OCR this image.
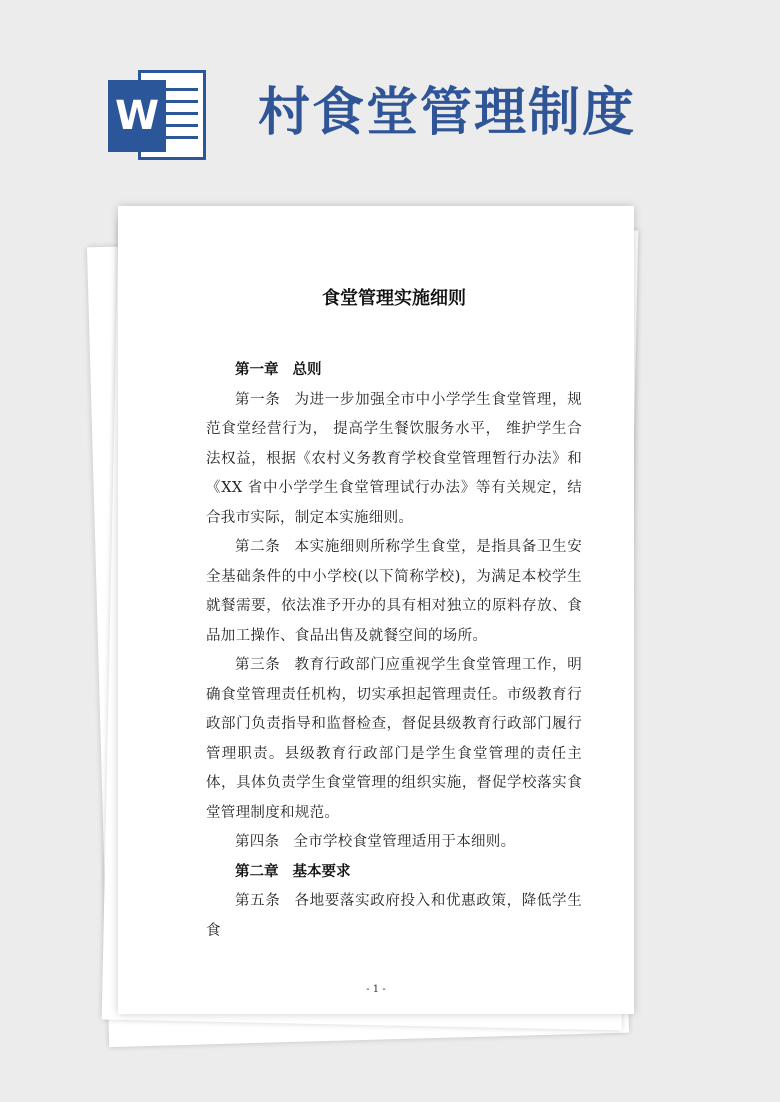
W 村食堂管理制度
食堂管理实施细则

第一章 总则

第一条 为进一步加强全市中小学学生食堂管理，规范食堂经营行为， 提高学生餐饮服务水平， 维护学生合法权益，根据《农村义务教育学校食堂管理暂行办法》和《XX 省中小学学生食堂管理试行办法》等有关规定，结合我市实际，制定本实施细则。

第二条 本实施细则所称学生食堂，是指具备卫生安全基础条件的中小学校(以下简称学校)，为满足本校学生就餐需要，依法准予开办的具有相对独立的原料存放、食品加工操作、食品出售及就餐空间的场所。

第三条 教育行政部门应重视学生食堂管理工作，明确食堂管理责任机构，切实承担起管理责任。市级教育行政部门负责指导和监督检查，督促县级教育行政部门履行管理职责。县级教育行政部门是学生食堂管理的责任主体，具体负责学生食堂管理的组织实施，督促学校落实食堂管理制度和规范。

第四条 全市学校食堂管理适用于本细则。

第二章 基本要求

第五条 各地要落实政府投入和优惠政策，降低学生食

- 1 -
